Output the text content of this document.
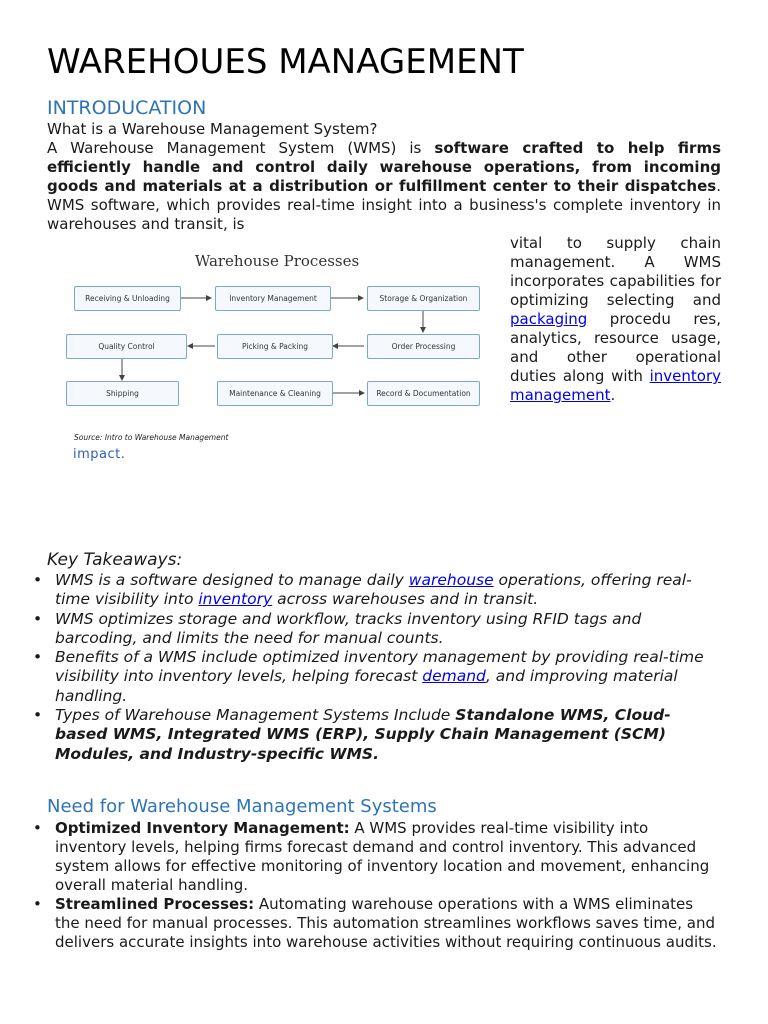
WAREHOUES MANAGEMENT
INTRODUCATION

What is a Warehouse Management System?

A Warehouse Management System (WMS) is software crafted to help firms efficiently handle and control daily warehouse operations, from incoming goods and materials at a distribution or fulfillment center to their dispatches. WMS software, which provides real-time insight into a business's complete inventory in warehouses and transit, is

Warehouse Processes
Receiving & Unloading	Inventory Management	Storage & Organization
Quality Control	Picking & Packing	Order Processing
Shipping	Maintenance & Cleaning	Record & Documentation
Source: Intro to Warehouse Management
impact.

vital to supply chain management. A WMS incorporates capabilities for optimizing selecting and packaging procedu res, analytics, resource usage, and other operational duties along with inventory management.

Key Takeaways:
• WMS is a software designed to manage daily warehouse operations, offering real-time visibility into inventory across warehouses and in transit.
• WMS optimizes storage and workflow, tracks inventory using RFID tags and barcoding, and limits the need for manual counts.
• Benefits of a WMS include optimized inventory management by providing real-time visibility into inventory levels, helping forecast demand, and improving material handling.
• Types of Warehouse Management Systems Include Standalone WMS, Cloud-based WMS, Integrated WMS (ERP), Supply Chain Management (SCM) Modules, and Industry-specific WMS.
Need for Warehouse Management Systems
• Optimized Inventory Management: A WMS provides real-time visibility into inventory levels, helping firms forecast demand and control inventory. This advanced system allows for effective monitoring of inventory location and movement, enhancing overall material handling.
• Streamlined Processes: Automating warehouse operations with a WMS eliminates the need for manual processes. This automation streamlines workflows saves time, and delivers accurate insights into warehouse activities without requiring continuous audits.
